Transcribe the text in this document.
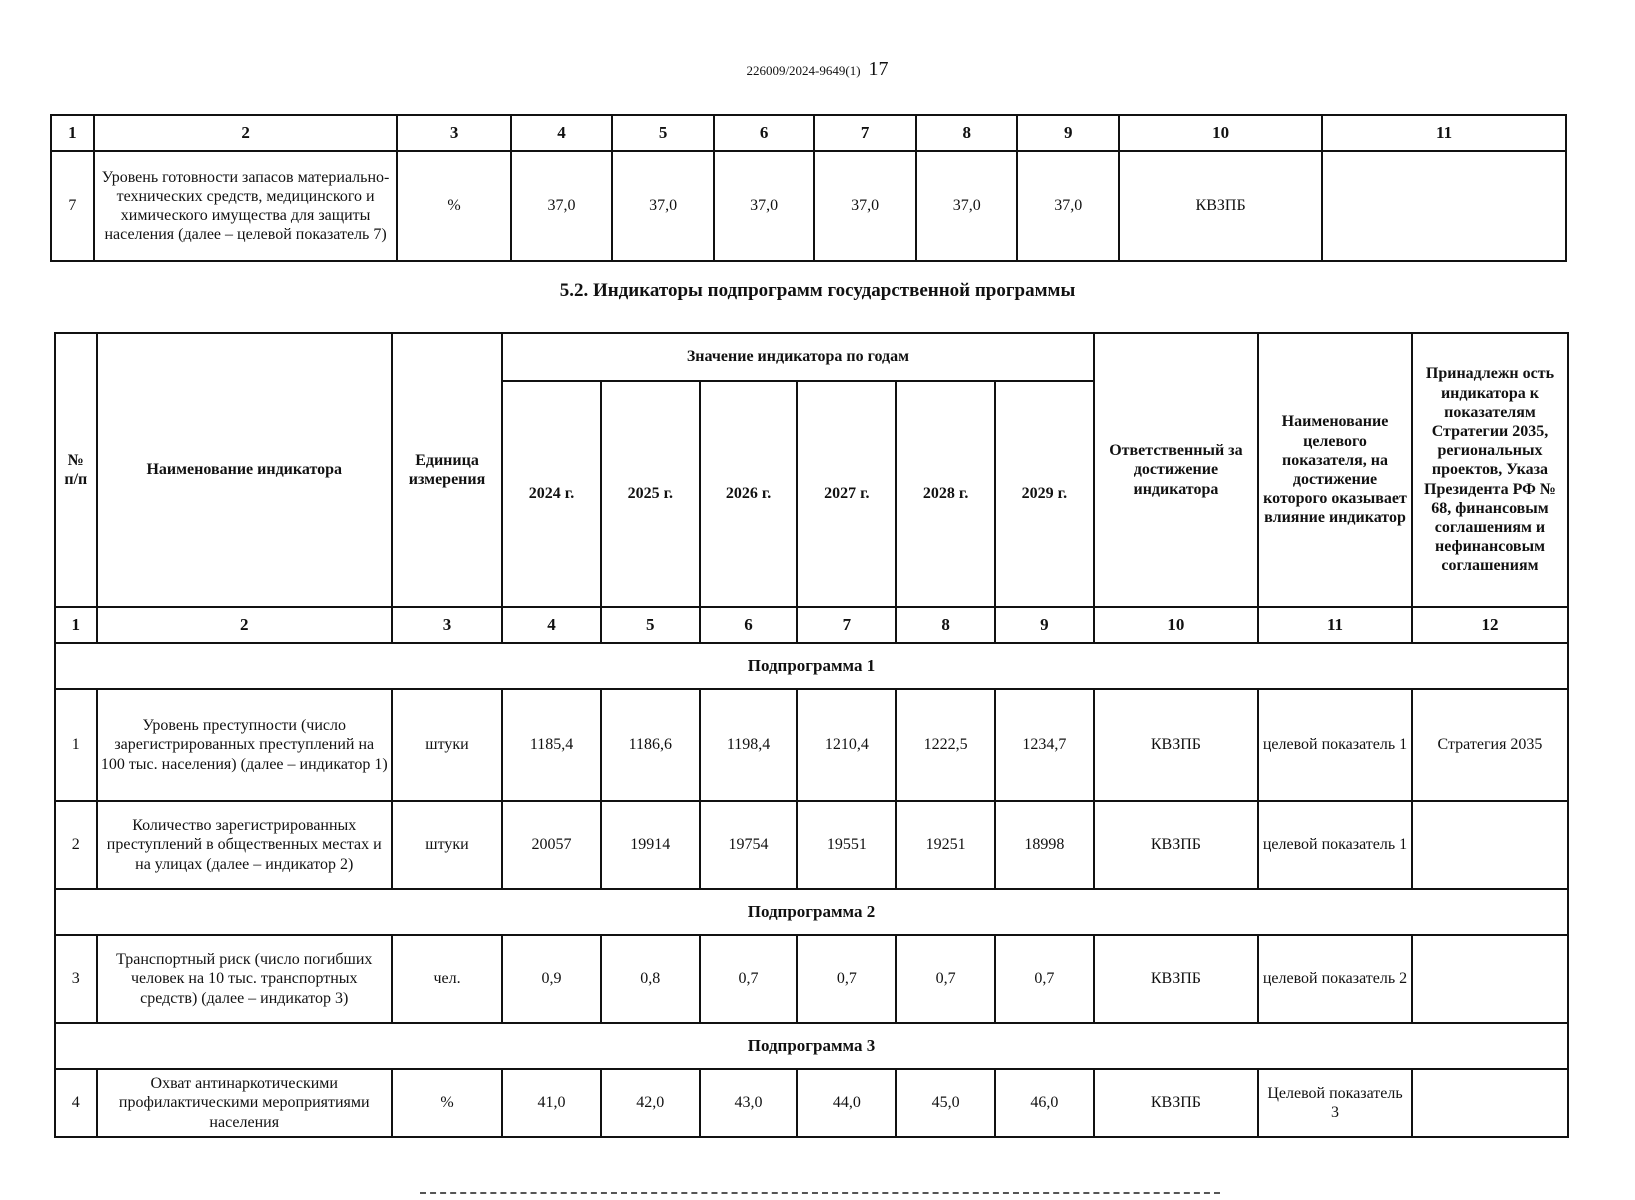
226009/2024-9649(1) 17
1	2	3	4	5	6	7	8	9	10	11
7	Уровень готовности запасов материально-технических средств, медицинского и химического имущества для защиты населения (далее – целевой показатель 7)	%	37,0	37,0	37,0	37,0	37,0	37,0	КВЗПБ	
5.2. Индикаторы подпрограмм государственной программы
№ п/п	Наименование индикатора	Единица измерения	Значение индикатора по годам						Ответственный за достижение индикатора	Наименование целевого показателя, на достижение которого оказывает влияние индикатор	Принадлежн ость индикатора к показателям Стратегии 2035, региональных проектов, Указа Президента РФ № 68, финансовым соглашениям и нефинансовым соглашениям
			2024 г.	2025 г.	2026 г.	2027 г.	2028 г.	2029 г.			
1	2	3	4	5	6	7	8	9	10	11	12
Подпрограмма 1											
1	Уровень преступности (число зарегистрированных преступлений на 100 тыс. населения) (далее – индикатор 1)	штуки	1185,4	1186,6	1198,4	1210,4	1222,5	1234,7	КВЗПБ	целевой показатель 1	Стратегия 2035
2	Количество зарегистрированных преступлений в общественных местах и на улицах (далее – индикатор 2)	штуки	20057	19914	19754	19551	19251	18998	КВЗПБ	целевой показатель 1	
Подпрограмма 2											
3	Транспортный риск (число погибших человек на 10 тыс. транспортных средств) (далее – индикатор 3)	чел.	0,9	0,8	0,7	0,7	0,7	0,7	КВЗПБ	целевой показатель 2	
Подпрограмма 3											
4	Охват антинаркотическими профилактическими мероприятиями населения	%	41,0	42,0	43,0	44,0	45,0	46,0	КВЗПБ	Целевой показатель 3	
